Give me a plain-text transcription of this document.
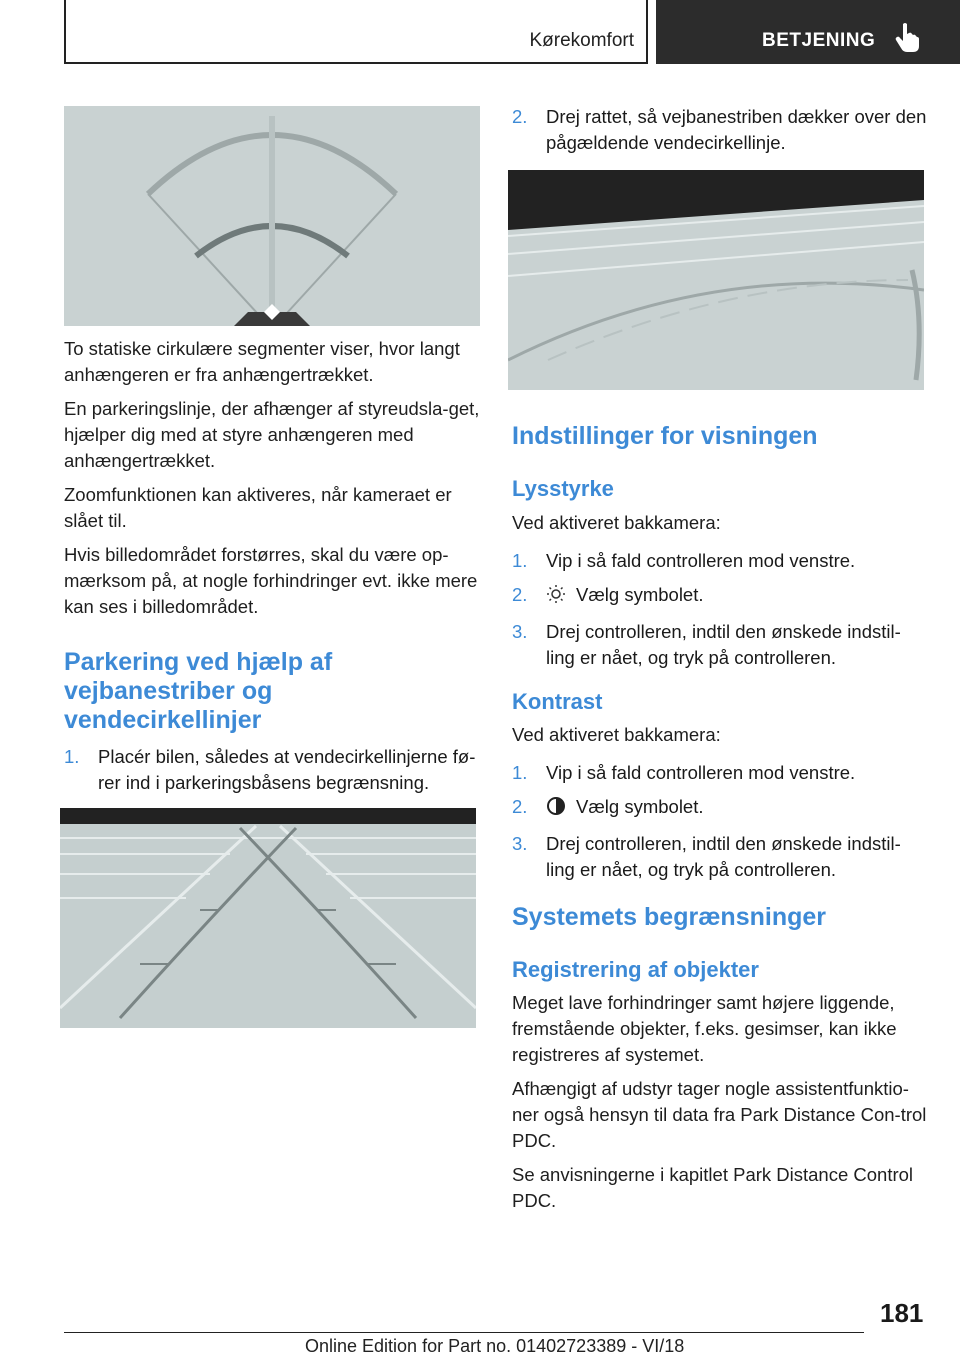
Kørekomfort	BETJENING

To statiske cirkulære segmenter viser, hvor langt anhængeren er fra anhængertrækket.

En parkeringslinje, der afhænger af styreudsla‐get, hjælper dig med at styre anhængeren med anhængertrækket.

Zoomfunktionen kan aktiveres, når kameraet er slået til.

Hvis billedområdet forstørres, skal du være op‐mærksom på, at nogle forhindringer evt. ikke mere kan ses i billedområdet.

Parkering ved hjælp af vejbanestriber og vendecirkellinjer
1. Placér bilen, således at vendecirkellinjerne fø‐rer ind i parkeringsbåsens begrænsning.
2. Drej rattet, så vejbanestriben dækker over den pågældende vendecirkellinje.
Indstillinger for visningen
Lysstyrke
Ved aktiveret bakkamera:
1. Vip i så fald controlleren mod venstre.
2.	Vælg symbolet.
3. Drej controlleren, indtil den ønskede indstil‐ling er nået, og tryk på controlleren.
Kontrast
Ved aktiveret bakkamera:
1. Vip i så fald controlleren mod venstre.
2.	Vælg symbolet.
3. Drej controlleren, indtil den ønskede indstil‐ling er nået, og tryk på controlleren.
Systemets begrænsninger
Registrering af objekter

Meget lave forhindringer samt højere liggende, fremstående objekter, f.eks. gesimser, kan ikke registreres af systemet.

Afhængigt af udstyr tager nogle assistentfunktio‐ner også hensyn til data fra Park Distance Con‐trol PDC.

Se anvisningerne i kapitlet Park Distance Control PDC.

181
Online Edition for Part no. 01402723389 - VI/18
